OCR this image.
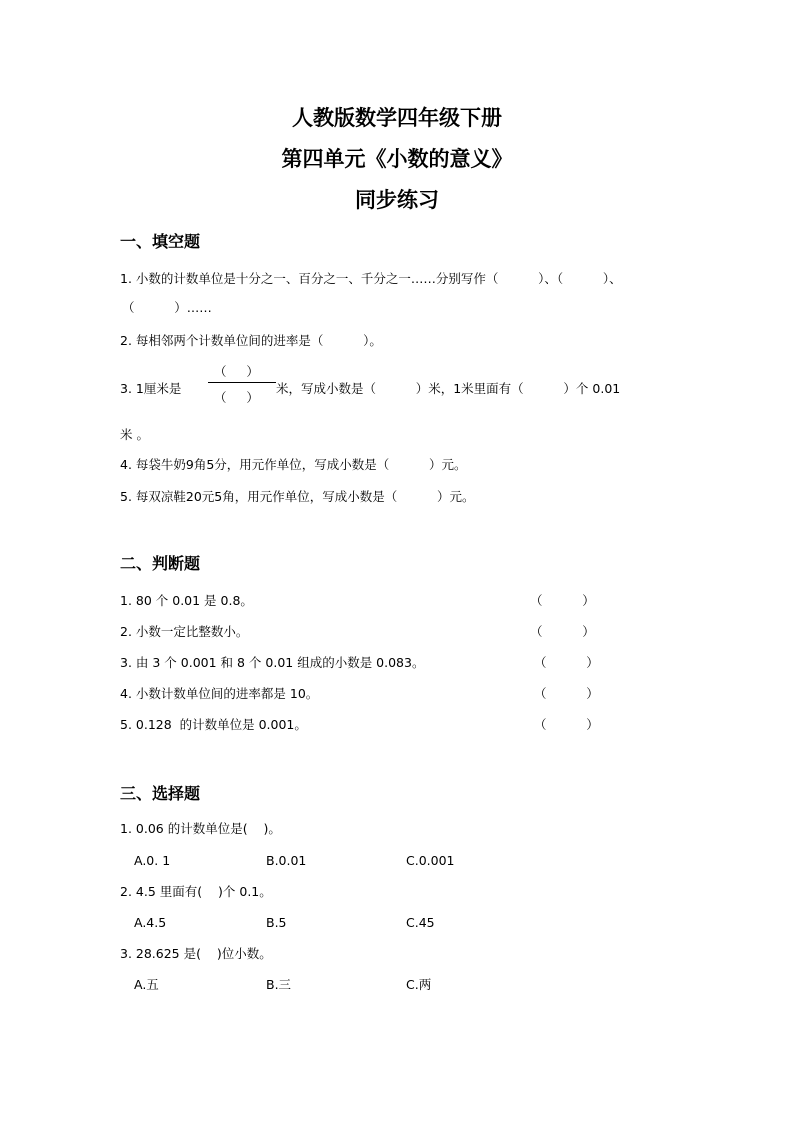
人教版数学四年级下册
第四单元《小数的意义》
同步练习
一、填空题
1. 小数的计数单位是十分之一、百分之一、千分之一……分别写作（          ）、（          ）、
（          ）……
2. 每相邻两个计数单位间的进率是（          ）。
3. 1厘米是
（     ）
（     ）
米，写成小数是（          ）米，1米里面有（          ）个 0.01
米 。
4. 每袋牛奶9角5分，用元作单位，写成小数是（          ）元。
5. 每双凉鞋20元5角，用元作单位，写成小数是（          ）元。
二、判断题
1. 80 个 0.01 是 0.8。	（          ）
2. 小数一定比整数小。	（          ）
3. 由 3 个 0.001 和 8 个 0.01 组成的小数是 0.083。	（          ）
4. 小数计数单位间的进率都是 10。	（          ）
5. 0.128  的计数单位是 0.001。	（          ）
三、选择题
1. 0.06 的计数单位是(    )。
A.0. 1	B.0.01	C.0.001
2. 4.5 里面有(    )个 0.1。
A.4.5	B.5	C.45
3. 28.625 是(    )位小数。
A.五	B.三	C.两
